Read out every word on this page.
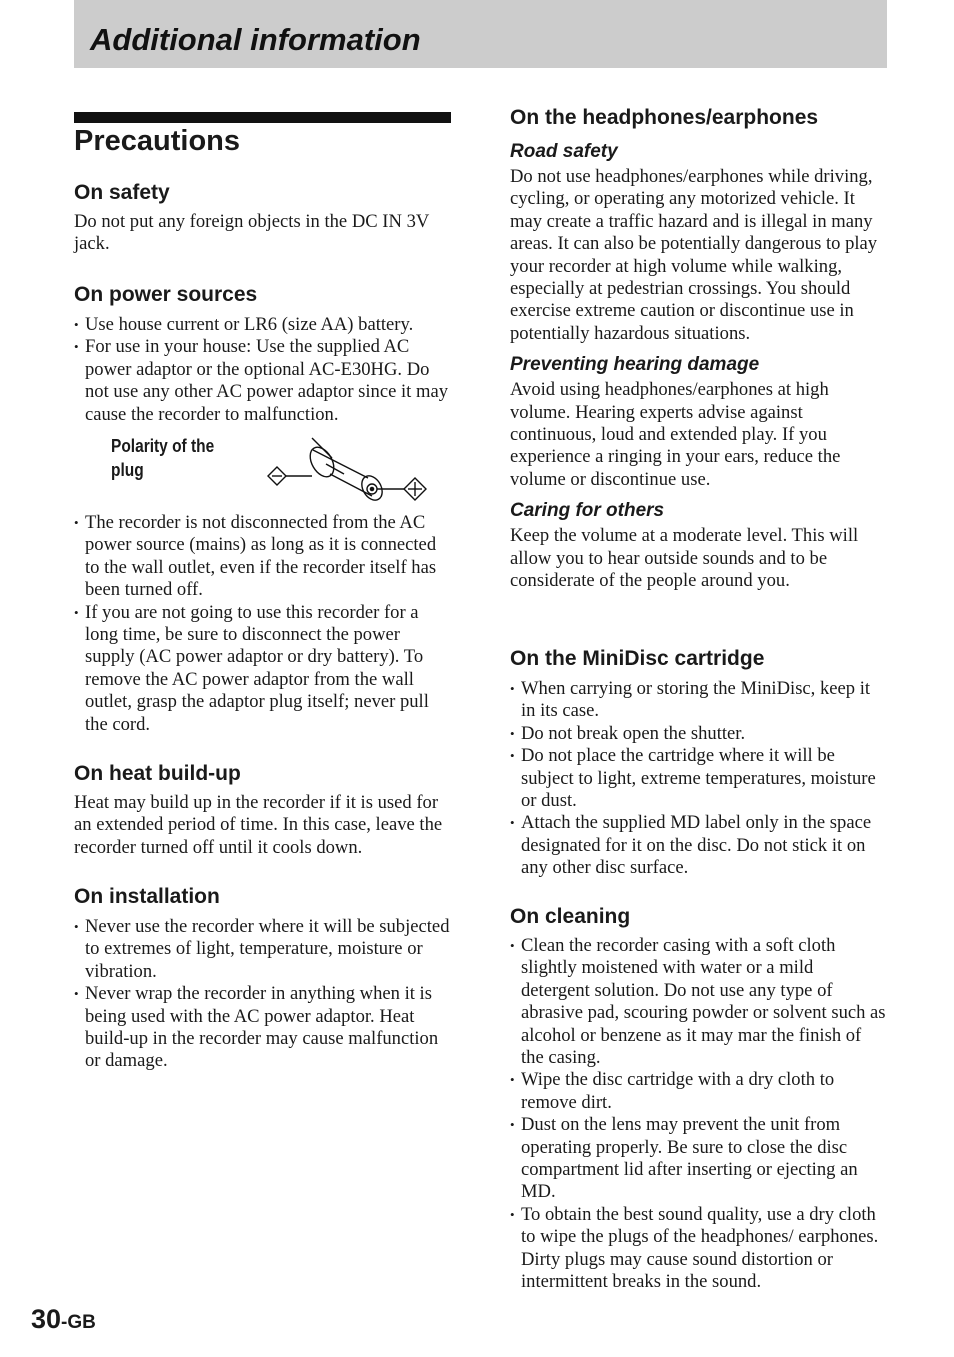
Additional information
Precautions
On safety

Do not put any foreign objects in the DC IN 3V jack.

On power sources
• Use house current or LR6 (size AA) battery.
• For use in your house: Use the supplied AC power adaptor or the optional AC-E30HG. Do not use any other AC power adaptor since it may cause the recorder to malfunction.
Polarity of the plug
• The recorder is not disconnected from the AC power source (mains) as long as it is connected to the wall outlet, even if the recorder itself has been turned off.
• If you are not going to use this recorder for a long time, be sure to disconnect the power supply (AC power adaptor or dry battery). To remove the AC power adaptor from the wall outlet, grasp the adaptor plug itself; never pull the cord.
On heat build-up

Heat may build up in the recorder if it is used for an extended period of time. In this case, leave the recorder turned off until it cools down.

On installation
• Never use the recorder where it will be subjected to extremes of light, temperature, moisture or vibration.
• Never wrap the recorder in anything when it is being used with the AC power adaptor. Heat build-up in the recorder may cause malfunction or damage.
On the headphones/earphones
Road safety

Do not use headphones/earphones while driving, cycling, or operating any motorized vehicle. It may create a traffic hazard and is illegal in many areas. It can also be potentially dangerous to play your recorder at high volume while walking, especially at pedestrian crossings. You should exercise extreme caution or discontinue use in potentially hazardous situations.

Preventing hearing damage

Avoid using headphones/earphones at high volume. Hearing experts advise against continuous, loud and extended play. If you experience a ringing in your ears, reduce the volume or discontinue use.

Caring for others

Keep the volume at a moderate level. This will allow you to hear outside sounds and to be considerate of the people around you.

On the MiniDisc cartridge
• When carrying or storing the MiniDisc, keep it in its case.
• Do not break open the shutter.
• Do not place the cartridge where it will be subject to light, extreme temperatures, moisture or dust.
• Attach the supplied MD label only in the space designated for it on the disc. Do not stick it on any other disc surface.
On cleaning
• Clean the recorder casing with a soft cloth slightly moistened with water or a mild detergent solution. Do not use any type of abrasive pad, scouring powder or solvent such as alcohol or benzene as it may mar the finish of the casing.
• Wipe the disc cartridge with a dry cloth to remove dirt.
• Dust on the lens may prevent the unit from operating properly. Be sure to close the disc compartment lid after inserting or ejecting an MD.
• To obtain the best sound quality, use a dry cloth to wipe the plugs of the headphones/ earphones. Dirty plugs may cause sound distortion or intermittent breaks in the sound.
30-GB
